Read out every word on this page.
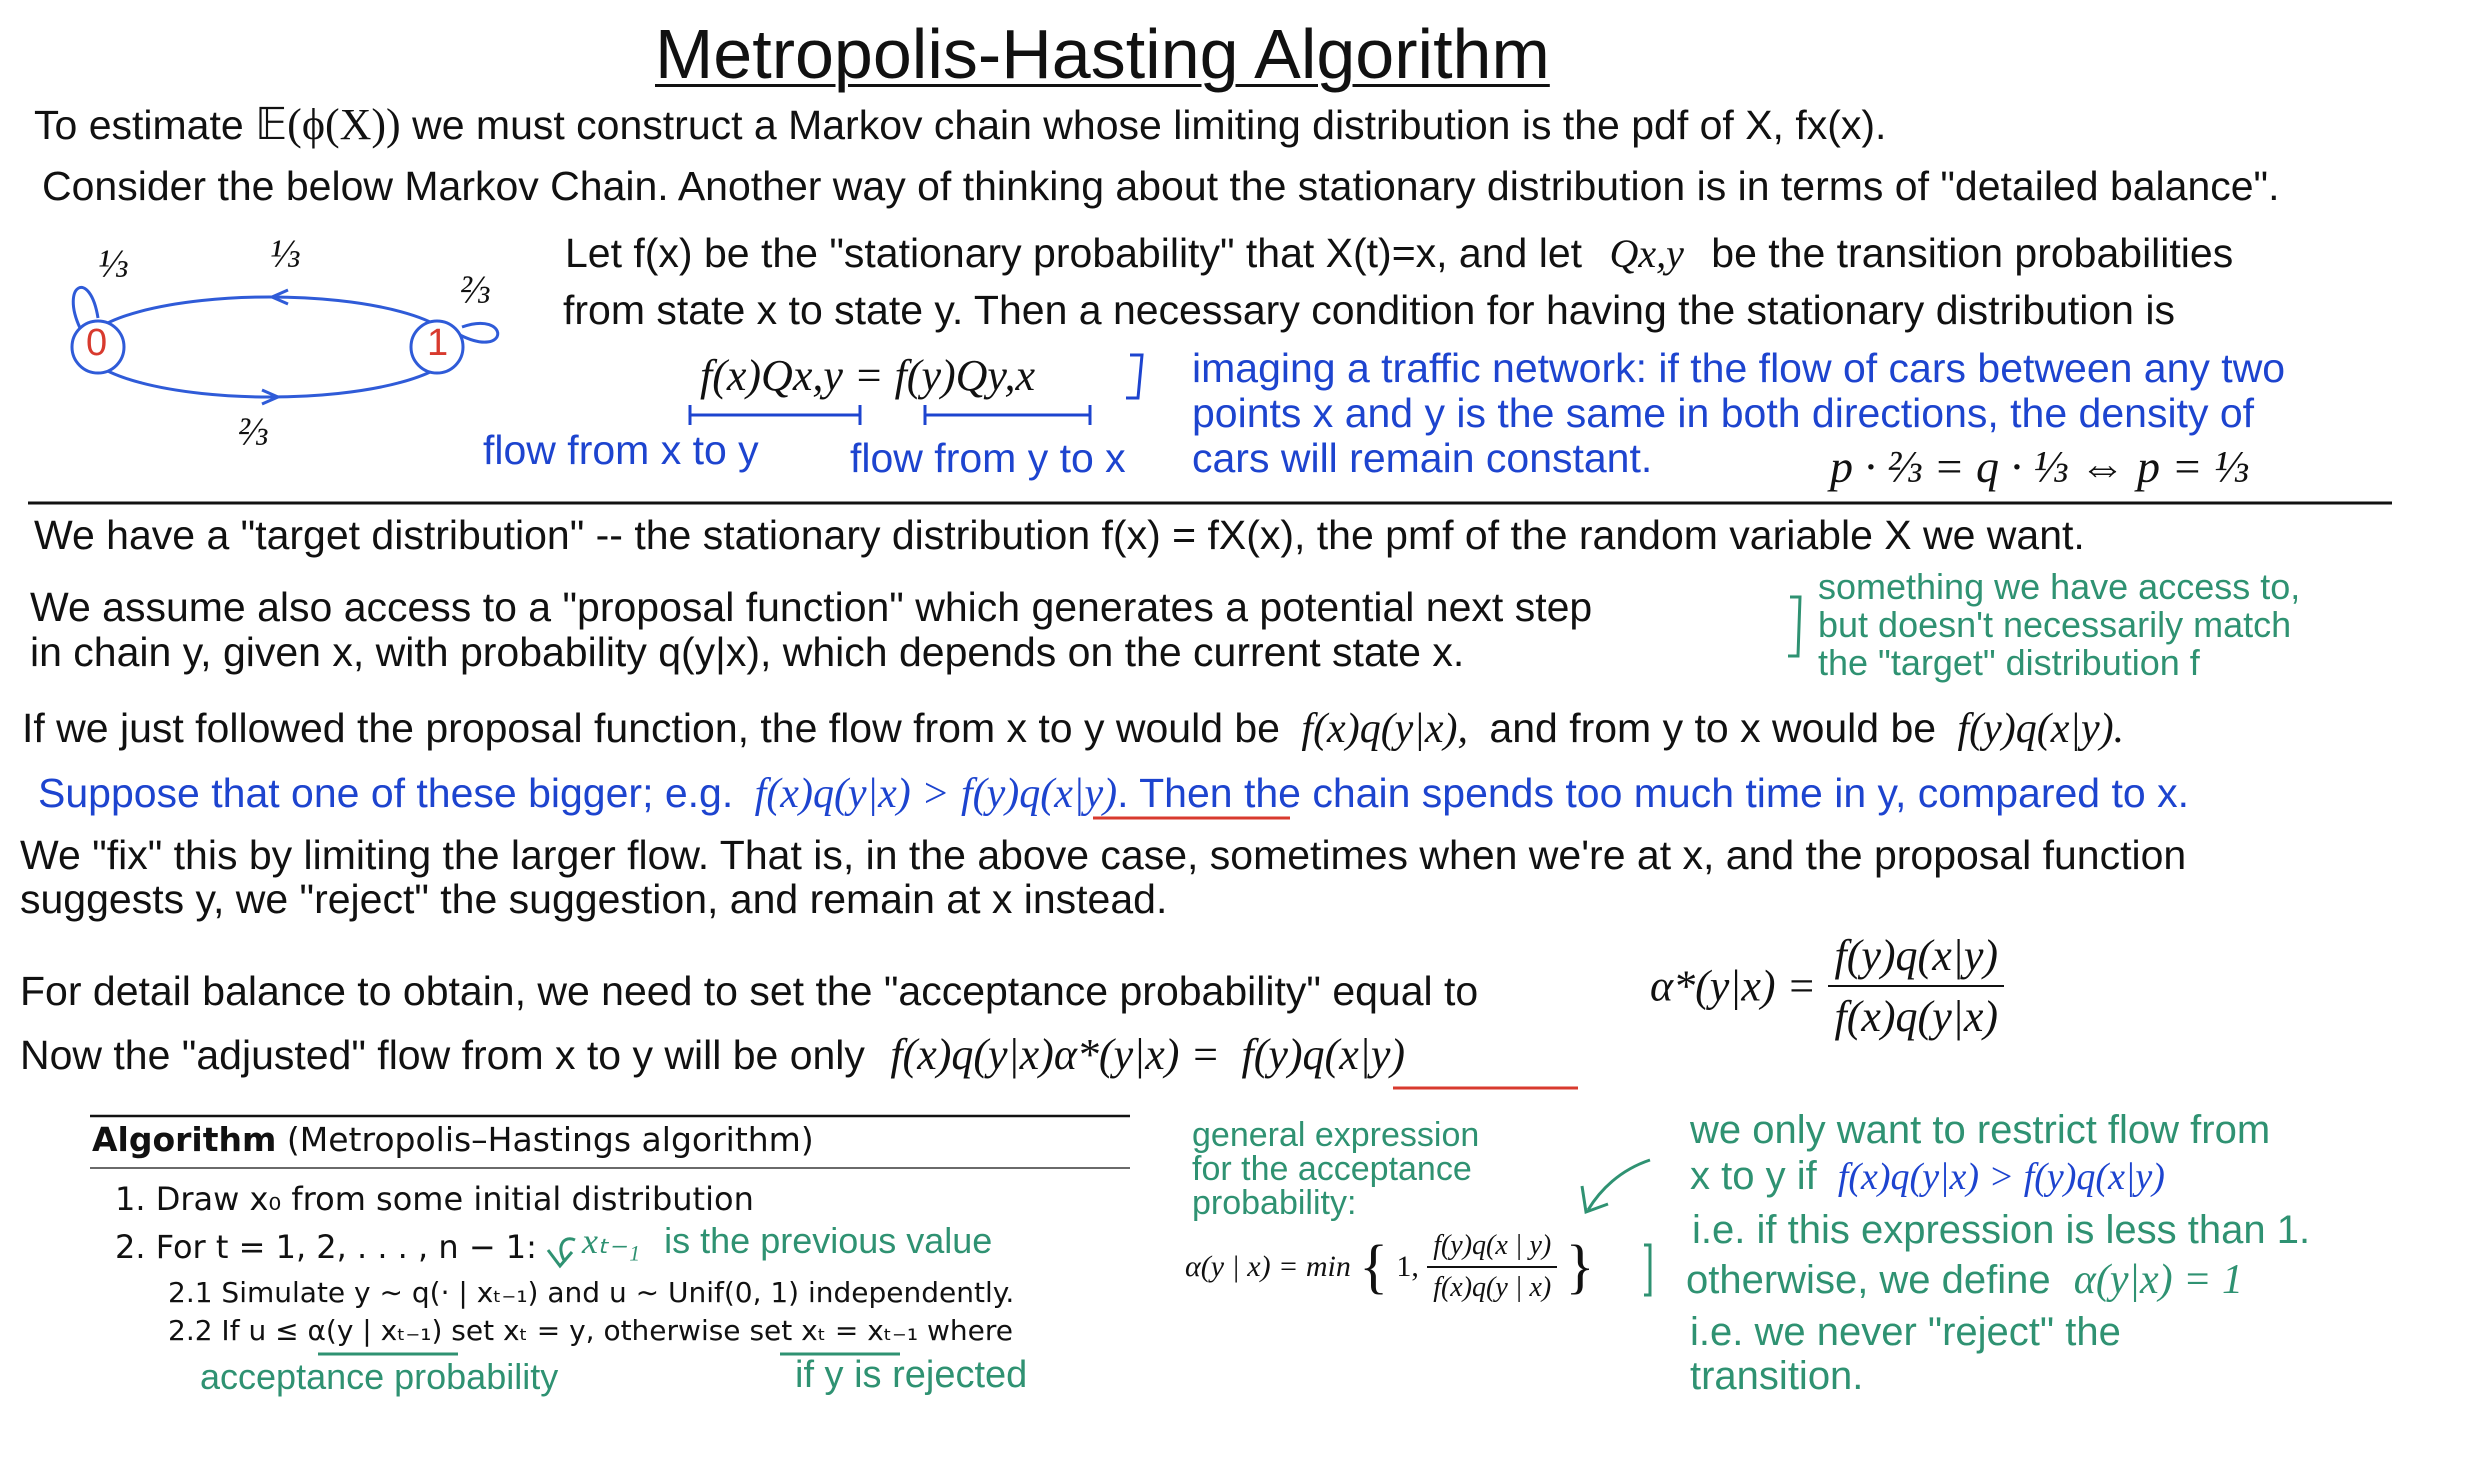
Metropolis-Hasting Algorithm
To estimate 𝔼(ϕ(X)) we must construct a Markov chain whose limiting distribution is the pdf of X, fx(x).
Consider the below Markov Chain. Another way of thinking about the stationary distribution is in terms of "detailed balance".
0	1
⅓	⅓
⅔
⅔
Let f(x) be the "stationary probability" that X(t)=x, and let Qx,y be the transition probabilities
from state x to state y. Then a necessary condition for having the stationary distribution is
f(x)Qx,y = f(y)Qy,x
flow from x to y flow from y to x
imaging a traffic network: if the flow of cars between any two
points x and y is the same in both directions, the density of
cars will remain constant.	p · ⅔ = q · ⅓ ⇔ p = ⅓
We have a "target distribution" -- the stationary distribution f(x) = fX(x), the pmf of the random variable X we want.
We assume also access to a "proposal function" which generates a potential next step
in chain y, given x, with probability q(y|x), which depends on the current state x.
something we have access to,
but doesn't necessarily match
the "target" distribution f
If we just followed the proposal function, the flow from x to y would be f(x)q(y|x), and from y to x would be f(y)q(x|y).
Suppose that one of these bigger; e.g. f(x)q(y|x) > f(y)q(x|y). Then the chain spends too much time in y, compared to x.
We "fix" this by limiting the larger flow. That is, in the above case, sometimes when we're at x, and the proposal function
suggests y, we "reject" the suggestion, and remain at x instead.
For detail balance to obtain, we need to set the "acceptance probability" equal to	$\alpha*(y|x) = \frac{f(y)q(x|y)}{f(x)q(y|x)}$
Now the "adjusted" flow from x to y will be only f(x)q(y|x)α*(y|x) = f(y)q(x|y)
Algorithm (Metropolis–Hastings algorithm)
1. Draw x₀ from some initial distribution
2. For t = 1, 2, . . . , n − 1: xₜ₋₁ is the previous value
2.1 Simulate y ∼ q(· | xₜ₋₁) and u ∼ Unif(0, 1) independently.
2.2 If u ≤ α(y | xₜ₋₁) set xₜ = y, otherwise set xₜ = xₜ₋₁ where
acceptance probability	if y is rejected
general expression
for the acceptance
probability:
α(y | x) = min { 1, $\frac{f(y)q(x | y)}{f(x)q(y | x)}$ }
we only want to restrict flow from
x to y if f(x)q(y|x) > f(y)q(x|y)
i.e. if this expression is less than 1.
otherwise, we define α(y|x) = 1
i.e. we never "reject" the
transition.
